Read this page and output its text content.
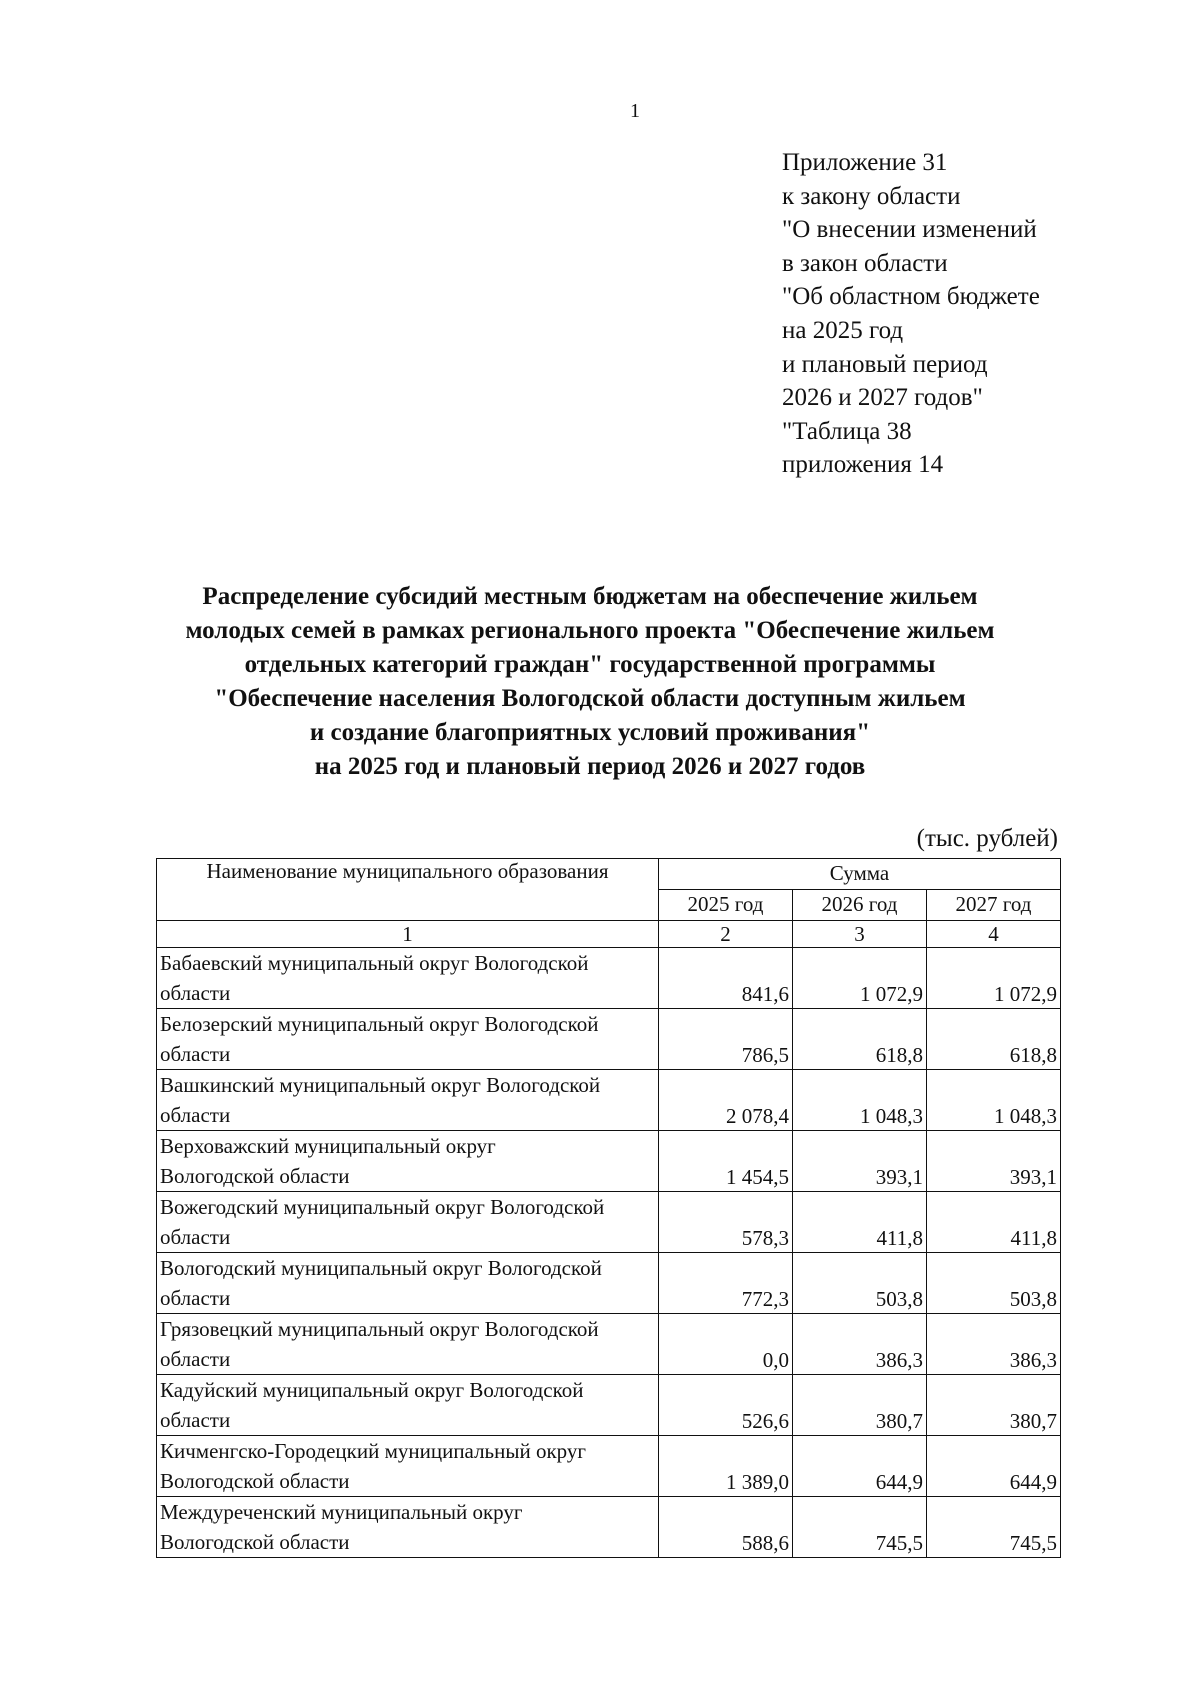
1
Приложение 31
к закону области
"О внесении изменений
в закон области
"Об областном бюджете
на 2025 год
и плановый период
2026 и 2027 годов"
"Таблица 38
приложения 14
Распределение субсидий местным бюджетам на обеспечение жильем
молодых семей в рамках регионального проекта "Обеспечение жильем
отдельных категорий граждан" государственной программы
"Обеспечение населения Вологодской области доступным жильем
и создание благоприятных условий проживания"
на 2025 год и плановый период 2026 и 2027 годов
(тыс. рублей)
Наименование муниципального образования	Сумма		
	2025 год	2026 год	2027 год
1	2	3	4

Бабаевский муниципальный округ Вологодской
области	841,6	1 072,9	1 072,9

Белозерский муниципальный округ Вологодской
области	786,5	618,8	618,8

Вашкинский муниципальный округ Вологодской
области	2 078,4	1 048,3	1 048,3

Верховажский муниципальный округ
Вологодской области	1 454,5	393,1	393,1

Вожегодский муниципальный округ Вологодской
области	578,3	411,8	411,8

Вологодский муниципальный округ Вологодской
области	772,3	503,8	503,8

Грязовецкий муниципальный округ Вологодской
области	0,0	386,3	386,3

Кадуйский муниципальный округ Вологодской
области	526,6	380,7	380,7

Кичменгско-Городецкий муниципальный округ
Вологодской области	1 389,0	644,9	644,9

Междуреченский муниципальный округ
Вологодской области	588,6	745,5	745,5
